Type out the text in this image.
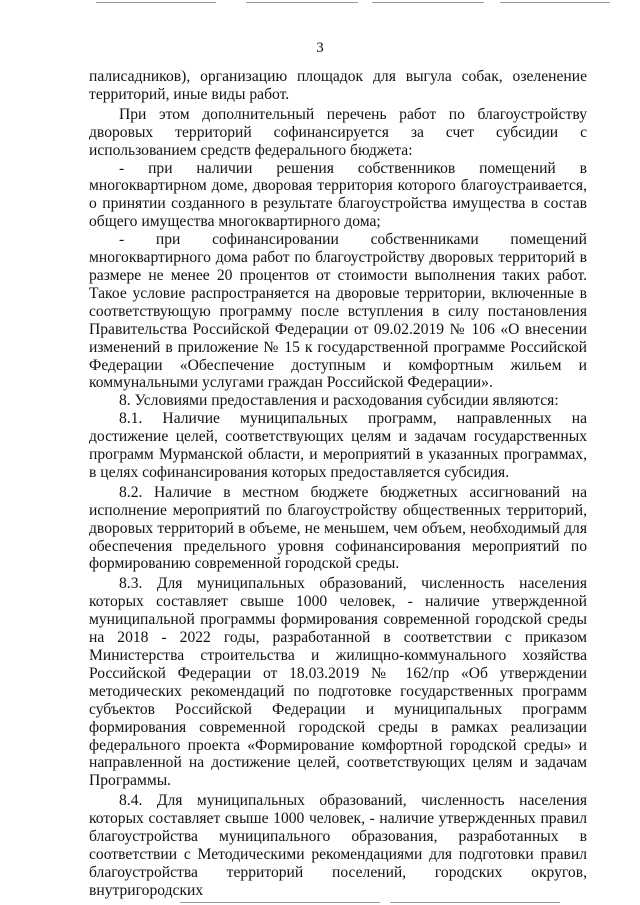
3

палисадников), организацию площадок для выгула собак, озеленение территорий, иные виды работ.

При этом дополнительный перечень работ по благоустройству дворовых территорий софинансируется за счет субсидии с использованием средств федерального бюджета:

- при наличии решения собственников помещений в многоквартирном доме, дворовая территория которого благоустраивается, о принятии созданного в результате благоустройства имущества в состав общего имущества многоквартирного дома;

- при софинансировании собственниками помещений многоквартирного дома работ по благоустройству дворовых территорий в размере не менее 20 процентов от стоимости выполнения таких работ. Такое условие распространяется на дворовые территории, включенные в соответствующую программу после вступления в силу постановления Правительства Российской Федерации от 09.02.2019 № 106 «О внесении изменений в приложение № 15 к государственной программе Российской Федерации «Обеспечение доступным и комфортным жильем и коммунальными услугами граждан Российской Федерации».

8. Условиями предоставления и расходования субсидии являются:

8.1. Наличие муниципальных программ, направленных на достижение целей, соответствующих целям и задачам государственных программ Мурманской области, и мероприятий в указанных программах, в целях софинансирования которых предоставляется субсидия.

8.2. Наличие в местном бюджете бюджетных ассигнований на исполнение мероприятий по благоустройству общественных территорий, дворовых территорий в объеме, не меньшем, чем объем, необходимый для обеспечения предельного уровня софинансирования мероприятий по формированию современной городской среды.

8.3. Для муниципальных образований, численность населения которых составляет свыше 1000 человек, - наличие утвержденной муниципальной программы формирования современной городской среды на 2018 - 2022 годы, разработанной в соответствии с приказом Министерства строительства и жилищно-коммунального хозяйства Российской Федерации от 18.03.2019 № 162/пр «Об утверждении методических рекомендаций по подготовке государственных программ субъектов Российской Федерации и муниципальных программ формирования современной городской среды в рамках реализации федерального проекта «Формирование комфортной городской среды» и направленной на достижение целей, соответствующих целям и задачам Программы.

8.4. Для муниципальных образований, численность населения которых составляет свыше 1000 человек, - наличие утвержденных правил благоустройства муниципального образования, разработанных в соответствии с Методическими рекомендациями для подготовки правил благоустройства территорий поселений, городских округов, внутригородских
